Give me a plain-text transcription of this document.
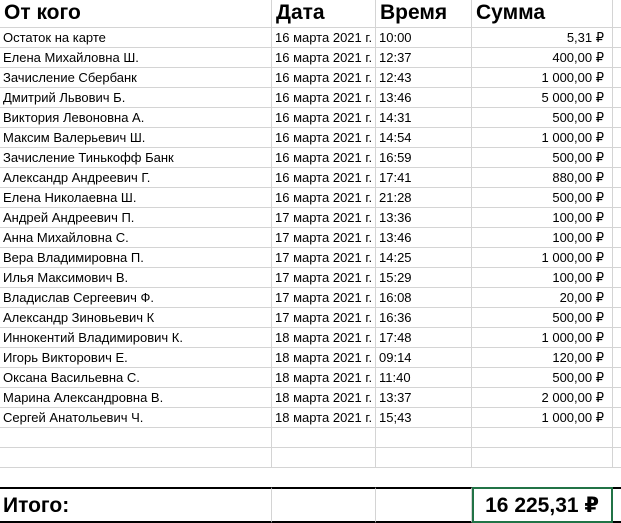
От кого	Дата	Время	Сумма
Остаток на карте	16 марта 2021 г. 10:00	5,31 ₽
Елена Михайловна Ш.	16 марта 2021 г. 12:37	400,00 ₽
Зачисление Сбербанк	16 марта 2021 г. 12:43	1 000,00 ₽
Дмитрий Львович Б.	16 марта 2021 г. 13:46	5 000,00 ₽
Виктория Левоновна А.	16 марта 2021 г. 14:31	500,00 ₽
Максим Валерьевич Ш.	16 марта 2021 г. 14:54	1 000,00 ₽
Зачисление Тинькофф Банк	16 марта 2021 г. 16:59	500,00 ₽
Александр Андреевич Г.	16 марта 2021 г. 17:41	880,00 ₽
Елена Николаевна Ш.	16 марта 2021 г. 21:28	500,00 ₽
Андрей Андреевич П.	17 марта 2021 г. 13:36	100,00 ₽
Анна Михайловна С.	17 марта 2021 г. 13:46	100,00 ₽
Вера Владимировна П.	17 марта 2021 г. 14:25	1 000,00 ₽
Илья Максимович В.	17 марта 2021 г. 15:29	100,00 ₽
Владислав Сергеевич Ф.	17 марта 2021 г. 16:08	20,00 ₽
Александр Зиновьевич К	17 марта 2021 г. 16:36	500,00 ₽
Иннокентий Владимирович К.	18 марта 2021 г. 17:48	1 000,00 ₽
Игорь Викторович Е.	18 марта 2021 г. 09:14	120,00 ₽
Оксана Васильевна С.	18 марта 2021 г. 11:40	500,00 ₽
Марина Александровна В.	18 марта 2021 г. 13:37	2 000,00 ₽
Сергей Анатольевич Ч.	18 марта 2021 г. 15;43	1 000,00 ₽
Итого:	16 225,31 ₽
